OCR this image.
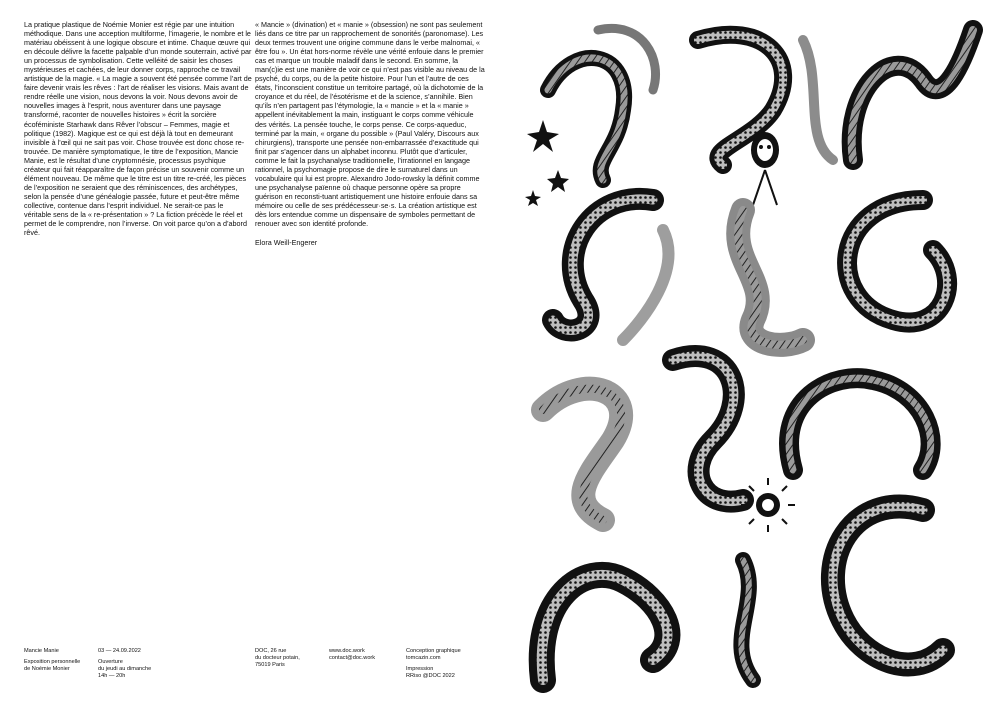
La pratique plastique de Noémie Monier est régie par une intuition méthodique. Dans une acception multiforme, l’imagerie, le nombre et le matériau obéissent à une logique obscure et intime. Chaque œuvre qui en découle délivre la facette palpable d’un monde souterrain, activé par un processus de symbolisation. Cette velléité de saisir les choses mystérieuses et cachées, de leur donner corps, rapproche ce travail artistique de la magie. « La magie a souvent été pensée comme l’art de faire devenir vrais les rêves : l’art de réaliser les visions. Mais avant de rendre réelle une vision, nous devons la voir. Nous devons avoir de nouvelles images à l’esprit, nous aventurer dans une paysage transformé, raconter de nouvelles histoires » écrit la sorcière écoféministe Starhawk dans Rêver l’obscur – Femmes, magie et politique (1982). Magique est ce qui est déjà là tout en demeurant invisible à l’œil qui ne sait pas voir. Chose trouvée est donc chose re-trouvée. De manière symptomatique, le titre de l’exposition, Mancie Manie, est le résultat d’une cryptomnésie, processus psychique créateur qui fait réapparaître de façon précise un souvenir comme un élément nouveau. De même que le titre est un titre re-créé, les pièces de l’exposition ne seraient que des réminiscences, des archétypes, selon la pensée d’une généalogie passée, future et peut-être même collective, contenue dans l’esprit individuel. Ne serait-ce pas le véritable sens de la « re-présentation » ? La fiction précède le réel et permet de le comprendre, non l’inverse. On voit parce qu’on a d’abord rêvé.

« Mancie » (divination) et « manie » (obsession) ne sont pas seulement liés dans ce titre par un rapprochement de sonorités (paronomase). Les deux termes trouvent une origine commune dans le verbe malnomai, « être fou ». Un état hors-norme révèle une vérité enfouie dans le premier cas et marque un trouble maladif dans le second. En somme, la man(c)ie est une manière de voir ce qui n’est pas visible au niveau de la psyché, du corps, ou de la petite histoire. Pour l’un et l’autre de ces états, l’inconscient constitue un territoire partagé, où la dichotomie de la croyance et du réel, de l’ésotérisme et de la science, s’annihile. Bien qu’ils n’en partagent pas l’étymologie, la « mancie » et la « manie » appellent inévitablement la main, instiguant le corps comme véhicule des vérités. La pensée touche, le corps pense. Ce corps-aqueduc, terminé par la main, « organe du possible » (Paul Valéry, Discours aux chirurgiens), transporte une pensée non-embarrassée d’exactitude qui finit par s’agencer dans un alphabet inconnu. Plutôt que d’articuler, comme le fait la psychanalyse traditionnelle, l’irrationnel en langage rationnel, la psychomagie propose de dire le surnaturel dans un vocabulaire qui lui est propre. Alexandro Jodo-rowsky la définit comme une psychanalyse païenne où chaque personne opère sa propre guérison en reconsti-tuant artistiquement une histoire enfouie dans sa mémoire ou celle de ses prédécesseur·se·s. La création artistique est dès lors entendue comme un dispensaire de symboles permettant de renouer avec son identité profonde.

Elora Weill-Engerer

Mancie Manie

Exposition personnelle
de Noémie Monier

03 — 24.09.2022

Ouverture
du jeudi au dimanche
14h — 20h

DOC, 26 rue
du docteur potain,
75019 Paris

www.doc.work
contact@doc.work

Conception graphique
tomcazin.com

Impression
RRiso @DOC 2022
